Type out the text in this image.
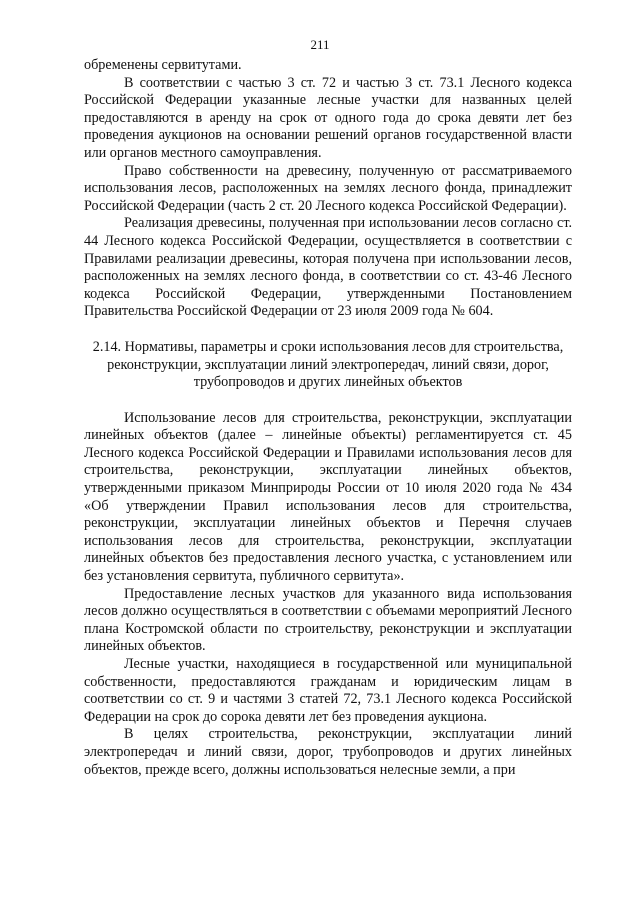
211

обременены сервитутами.

В соответствии с частью 3 ст. 72 и частью 3 ст. 73.1 Лесного кодекса Российской Федерации указанные лесные участки для названных целей предоставляются в аренду на срок от одного года до срока девяти лет без проведения аукционов на основании решений органов государственной власти или органов местного самоуправления.

Право собственности на древесину, полученную от рассматриваемого использования лесов, расположенных на землях лесного фонда, принадлежит Российской Федерации (часть 2 ст. 20 Лесного кодекса Российской Федерации).

Реализация древесины, полученная при использовании лесов согласно ст. 44 Лесного кодекса Российской Федерации, осуществляется в соответствии с Правилами реализации древесины, которая получена при использовании лесов, расположенных на землях лесного фонда, в соответствии со ст. 43-46 Лесного кодекса Российской Федерации, утвержденными Постановлением Правительства Российской Федерации от 23 июля 2009 года № 604.

2.14. Нормативы, параметры и сроки использования лесов для строительства, реконструкции, эксплуатации линий электропередач, линий связи, дорог, трубопроводов и других линейных объектов

Использование лесов для строительства, реконструкции, эксплуатации линейных объектов (далее – линейные объекты) регламентируется ст. 45 Лесного кодекса Российской Федерации и Правилами использования лесов для строительства, реконструкции, эксплуатации линейных объектов, утвержденными приказом Минприроды России от 10 июля 2020 года № 434 «Об утверждении Правил использования лесов для строительства, реконструкции, эксплуатации линейных объектов и Перечня случаев использования лесов для строительства, реконструкции, эксплуатации линейных объектов без предоставления лесного участка, с установлением или без установления сервитута, публичного сервитута».

Предоставление лесных участков для указанного вида использования лесов должно осуществляться в соответствии с объемами мероприятий Лесного плана Костромской области по строительству, реконструкции и эксплуатации линейных объектов.

Лесные участки, находящиеся в государственной или муниципальной собственности, предоставляются гражданам и юридическим лицам в соответствии со ст. 9 и частями 3 статей 72, 73.1 Лесного кодекса Российской Федерации на срок до сорока девяти лет без проведения аукциона.

В целях строительства, реконструкции, эксплуатации линий электропередач и линий связи, дорог, трубопроводов и других линейных объектов, прежде всего, должны использоваться нелесные земли, а при
